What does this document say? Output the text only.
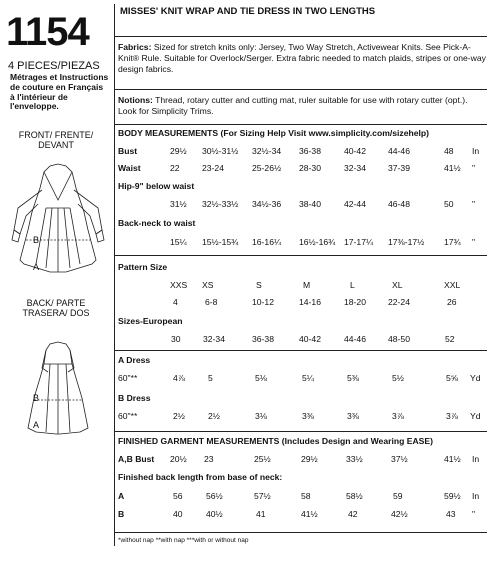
1154
4 PIECES/PIEZAS
Métrages et Instructions de couture en Français à l'intérieur de l'enveloppe.
FRONT/ FRENTE/ DEVANT
B
A
BACK/ PARTE TRASERA/ DOS
B
A
MISSES' KNIT WRAP AND TIE DRESS IN TWO LENGTHS
Fabrics: Sized for stretch knits only: Jersey, Two Way Stretch, Activewear Knits. See Pick-A-Knit® Rule. Suitable for Overlock/Serger. Extra fabric needed to match plaids, stripes or one-way design fabrics.
Notions: Thread, rotary cutter and cutting mat, ruler suitable for use with rotary cutter (opt.). Look for Simplicity Trims.
BODY MEASUREMENTS (For Sizing Help Visit www.simplicity.com/sizehelp)
Bust	29½ 30½-31½ 32½-34 36-38	40-42	44-46	48 In
Waist	22	23-24	25-26½ 28-30	32-34	37-39	41½ "
Hip-9" below waist
31½ 32½-33½ 34½-36 38-40	42-44	46-48	50 "
Back-neck to waist
15¼ 15½-15¾ 16-16¼ 16½-16¾ 17-17¼ 17⅜-17½ 17¾ "
Pattern Size
XXS XS	S	M	L	XL	XXL
4	6-8	10-12	14-16	18-20	22-24	26
Sizes-European
30	32-34	36-38	40-42	44-46	48-50	52
A Dress
60"**	4⅞	5	5⅛	5¼	5⅜	5½	5⅝ Yd
B Dress
60"**	2½	2½	3⅛	3⅜	3⅜	3⅞	3⅞ Yd
FINISHED GARMENT MEASUREMENTS (Includes Design and Wearing EASE)
A,B Bust 20½ 23	25½	29½	33½	37½	41½ In
Finished back length from base of neck:
A	56	56½	57½	58	58½	59	59½ In
B	40	40½	41	41½	42	42½	43 "
*without nap **with nap ***with or without nap
